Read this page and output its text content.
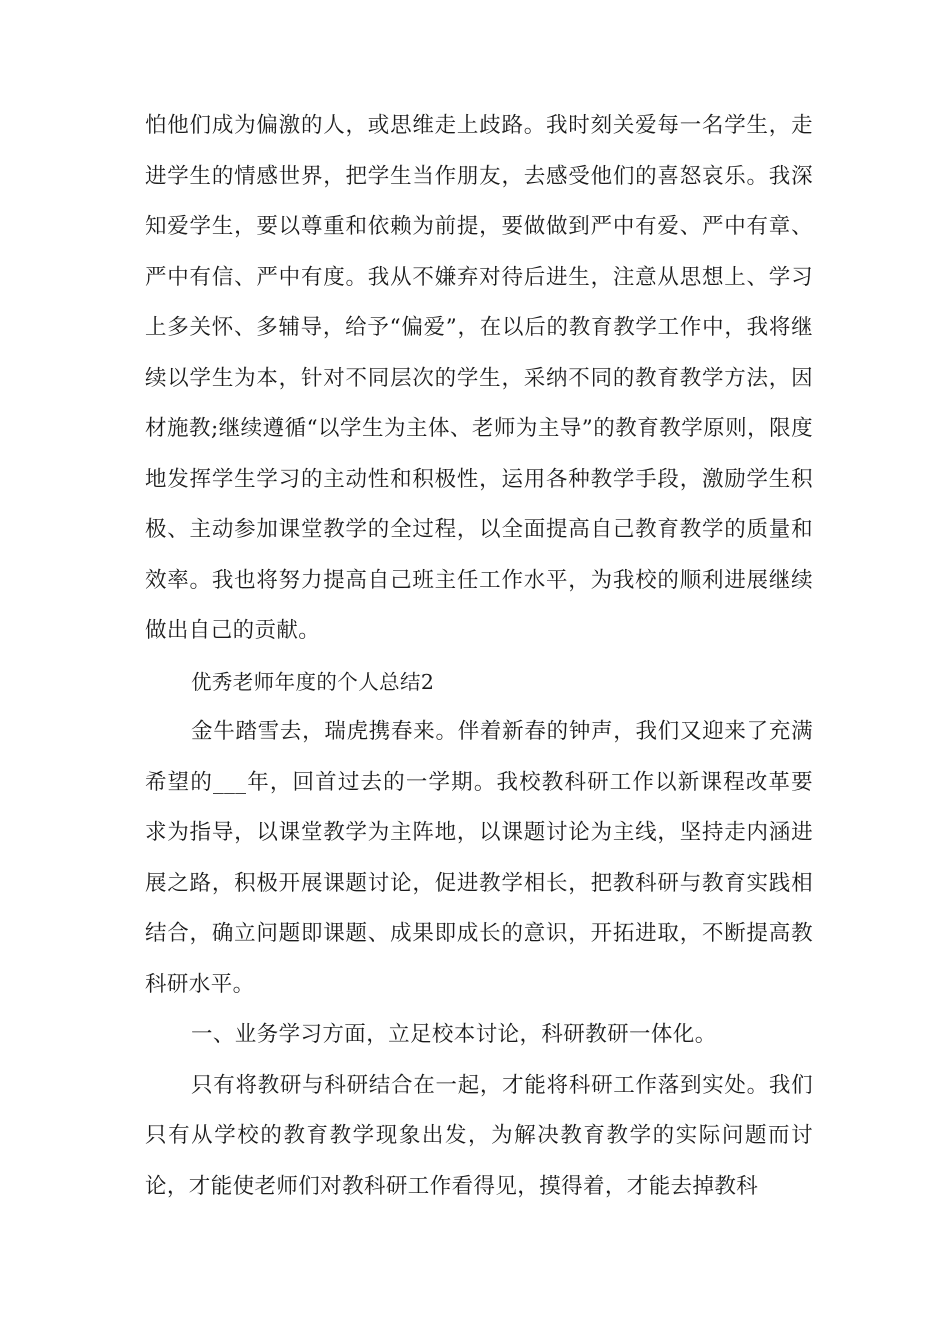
怕他们成为偏激的人，或思维走上歧路。我时刻关爱每一名学生，走进学生的情感世界，把学生当作朋友，去感受他们的喜怒哀乐。我深知爱学生，要以尊重和依赖为前提，要做做到严中有爱、严中有章、严中有信、严中有度。我从不嫌弃对待后进生，注意从思想上、学习上多关怀、多辅导，给予“偏爱”，在以后的教育教学工作中，我将继续以学生为本，针对不同层次的学生，采纳不同的教育教学方法，因材施教;继续遵循“以学生为主体、老师为主导”的教育教学原则，限度地发挥学生学习的主动性和积极性，运用各种教学手段，激励学生积极、主动参加课堂教学的全过程，以全面提高自己教育教学的质量和效率。我也将努力提高自己班主任工作水平，为我校的顺利进展继续做出自己的贡献。

优秀老师年度的个人总结2

金牛踏雪去，瑞虎携春来。伴着新春的钟声，我们又迎来了充满希望的___年，回首过去的一学期。我校教科研工作以新课程改革要求为指导，以课堂教学为主阵地，以课题讨论为主线，坚持走内涵进展之路，积极开展课题讨论，促进教学相长，把教科研与教育实践相结合，确立问题即课题、成果即成长的意识，开拓进取，不断提高教科研水平。

一、业务学习方面，立足校本讨论，科研教研一体化。

只有将教研与科研结合在一起，才能将科研工作落到实处。我们只有从学校的教育教学现象出发，为解决教育教学的实际问题而讨论，才能使老师们对教科研工作看得见，摸得着，才能去掉教科
